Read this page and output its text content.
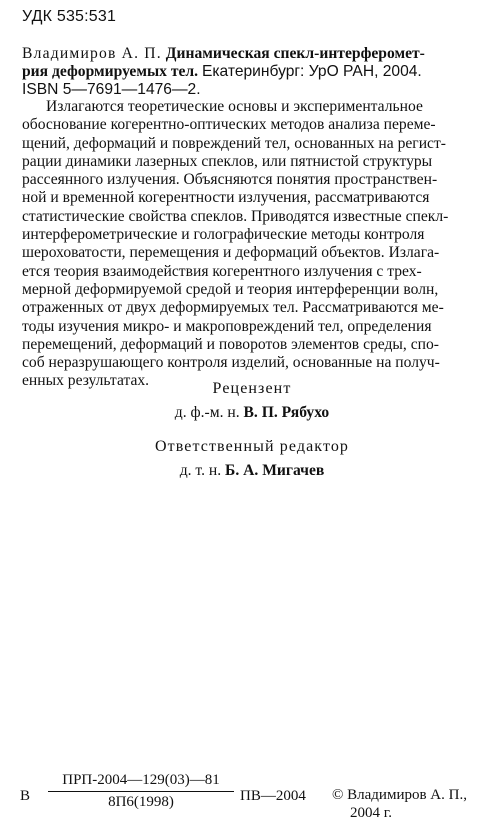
УДК 535:531
Владимиров А. П. Динамическая спекл-интерферомет-
рия деформируемых тел. Екатеринбург: УрО РАН, 2004.
ISBN 5—7691—1476—2.
Излагаются теоретические основы и экспериментальное
обоснование когерентно-оптических методов анализа переме-
щений, деформаций и повреждений тел, основанных на регист-
рации динамики лазерных спеклов, или пятнистой структуры
рассеянного излучения. Объясняются понятия пространствен-
ной и временной когерентности излучения, рассматриваются
статистические свойства спеклов. Приводятся известные спекл-
интерферометрические и голографические методы контроля
шероховатости, перемещения и деформаций объектов. Излага-
ется теория взаимодействия когерентного излучения с трех-
мерной деформируемой средой и теория интерференции волн,
отраженных от двух деформируемых тел. Рассматриваются ме-
тоды изучения микро- и макроповреждений тел, определения
перемещений, деформаций и поворотов элементов среды, спо-
соб неразрушающего контроля изделий, основанные на получ-
енных результатах.	Рецензент
д. ф.-м. н. В. П. Рябухо
Ответственный редактор
д. т. н. Б. А. Мигачев
В
ПРП-2004—129(03)—81
8П6(1998)	ПВ—2004 © Владимиров А. П.,
2004 г.
